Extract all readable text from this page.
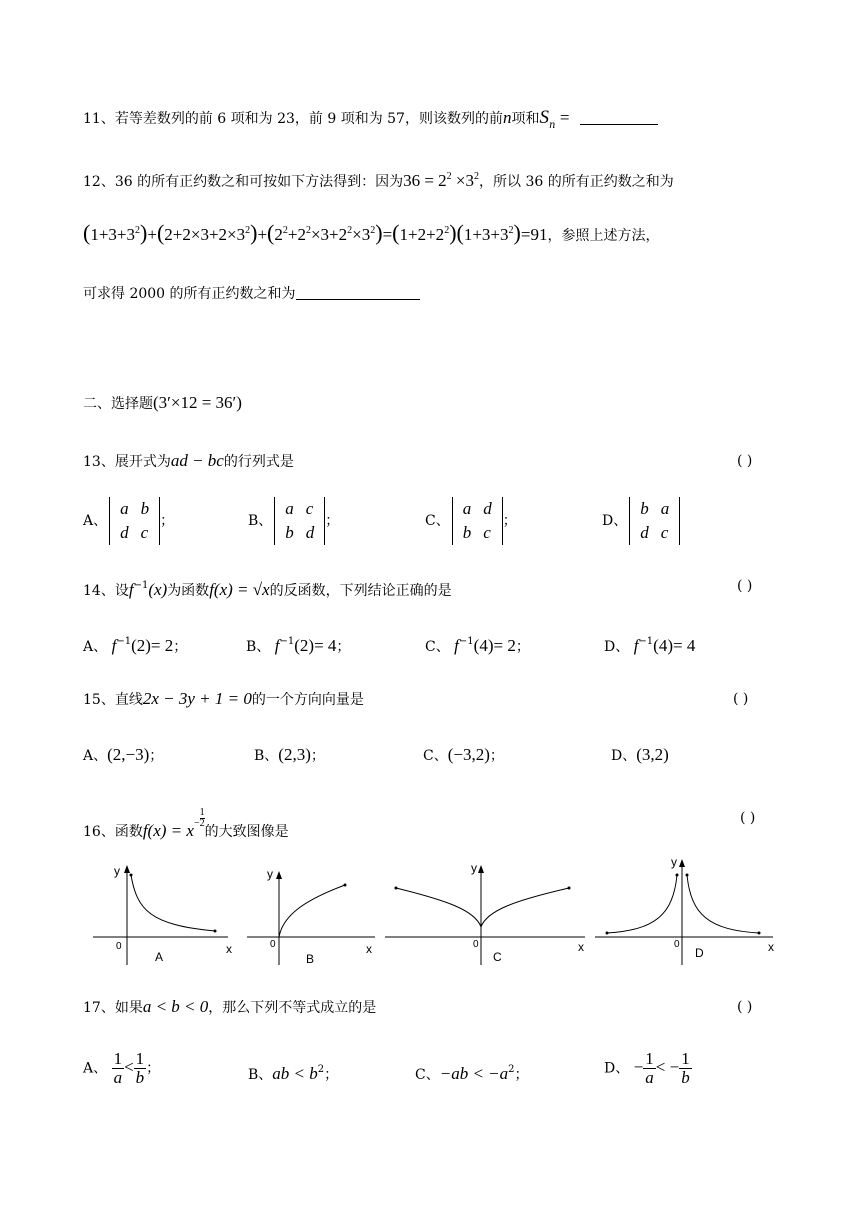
11、若等差数列的前 6 项和为 23，前 9 项和为 57，则该数列的前n项和$S_n$ =
12、36 的所有正约数之和可按如下方法得到：因为$36 = 2^2 \times 3^2$，所以 36 的所有正约数之和为
$(1+3+3^2)+(2+2\times 3+2\times 3^2)+(2^2+2^2\times 3+2^2\times 3^2)=(1+2+2^2)(1+3+3^2)=91$，参照上述方法，
可求得 2000 的所有正约数之和为
二、选择题(3′×12 = 36′)
13、展开式为ad − bc的行列式是	( )
A、
a	b
d	c
；	B、
a	c
b	d
；	C、
a	d
b	c
；	D、
b	a
d	c
14、设$f^{-1}(x)$为函数f(x) = √x的反函数，下列结论正确的是	( )
A、 $f^{-1}(2)= 2$；	B、 $f^{-1}(2)= 4$；	C、 $f^{-1}(4)= 2$；	D、 $f^{-1}(4)= 4$
15、直线2x − 3y + 1 = 0的一个方向向量是	( )
A、(2,−3)；	B、(2,3)；	C、(−3,2)；	D、(3,2)
16、函数$f(x) = x- \frac{1}{2}$
的大致图像是
( )
y
0	x
A
y
0	x
B
y
0	x
C
y
0	x
D
17、如果a < b < 0，那么下列不等式成立的是	( )
A、 $\frac{1}{a} < \frac{1}{b}$ ；	B、ab < $b^2$；	C、$-ab < -a^2$；	D、 − $\frac{1}{a}$ < − $\frac{1}{b}$
